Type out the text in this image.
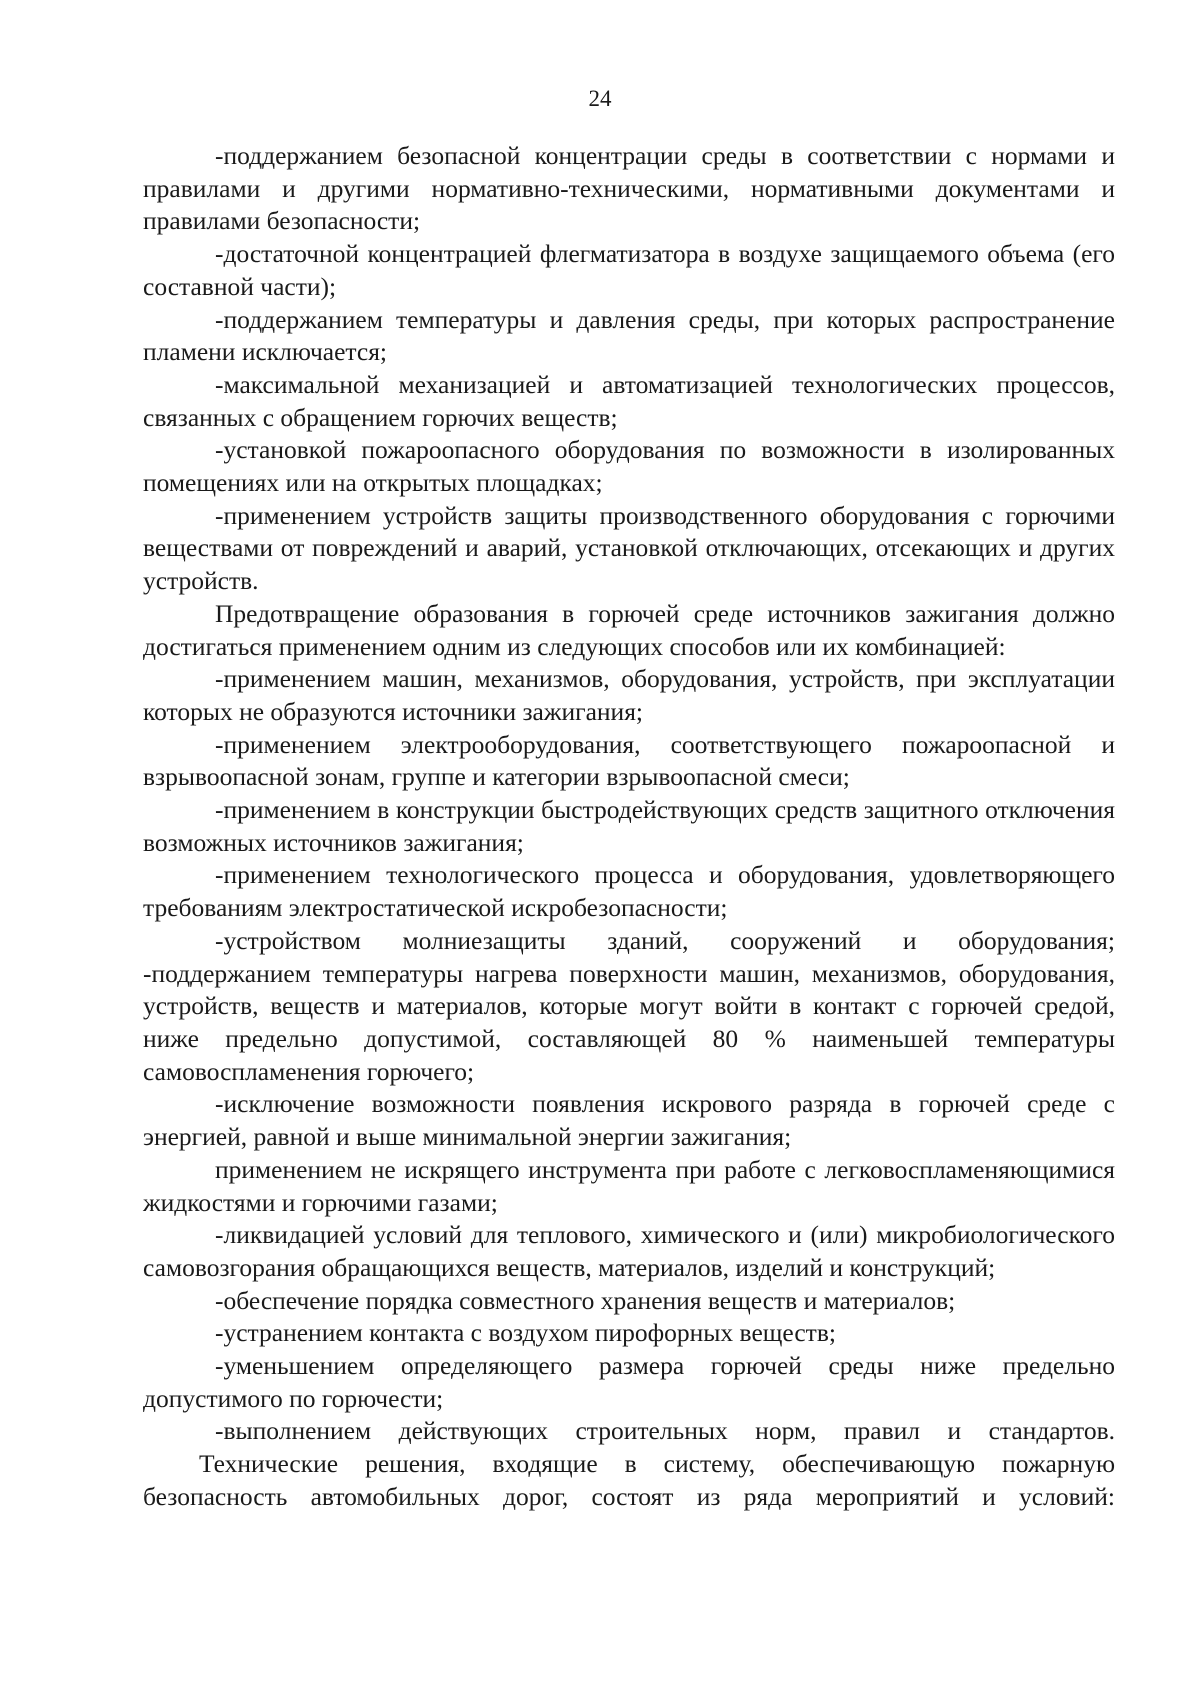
24

-поддержанием безопасной концентрации среды в соответствии с нормами и правилами и другими нормативно-техническими, нормативными документами и правилами безопасности;

-достаточной концентрацией флегматизатора в воздухе защищаемого объема (его составной части);

-поддержанием температуры и давления среды, при которых распространение пламени исключается;

-максимальной механизацией и автоматизацией технологических процессов, связанных с обращением горючих веществ;

-установкой пожароопасного оборудования по возможности в изолированных помещениях или на открытых площадках;

-применением устройств защиты производственного оборудования с горючими веществами от повреждений и аварий, установкой отключающих, отсекающих и других устройств.

Предотвращение образования в горючей среде источников зажигания должно достигаться применением одним из следующих способов или их комбинацией:

-применением машин, механизмов, оборудования, устройств, при эксплуатации которых не образуются источники зажигания;

-применением электрооборудования, соответствующего пожароопасной и взрывоопасной зонам, группе и категории взрывоопасной смеси;

-применением в конструкции быстродействующих средств защитного отключения возможных источников зажигания;

-применением технологического процесса и оборудования, удовлетворяющего требованиям электростатической искробезопасности;

-устройством молниезащиты зданий, сооружений и оборудования;

-поддержанием температуры нагрева поверхности машин, механизмов, оборудования, устройств, веществ и материалов, которые могут войти в контакт с горючей средой, ниже предельно допустимой, составляющей 80 % наименьшей температуры самовоспламенения горючего;

-исключение возможности появления искрового разряда в горючей среде с энергией, равной и выше минимальной энергии зажигания;

применением не искрящего инструмента при работе с легковоспламеняющимися жидкостями и горючими газами;

-ликвидацией условий для теплового, химического и (или) микробиологического самовозгорания обращающихся веществ, материалов, изделий и конструкций;

-обеспечение порядка совместного хранения веществ и материалов;

-устранением контакта с воздухом пирофорных веществ;

-уменьшением определяющего размера горючей среды ниже предельно допустимого по горючести;

-выполнением действующих строительных норм, правил и стандартов.

Технические решения, входящие в систему, обеспечивающую пожарную безопасность автомобильных дорог, состоят из ряда мероприятий и условий:
